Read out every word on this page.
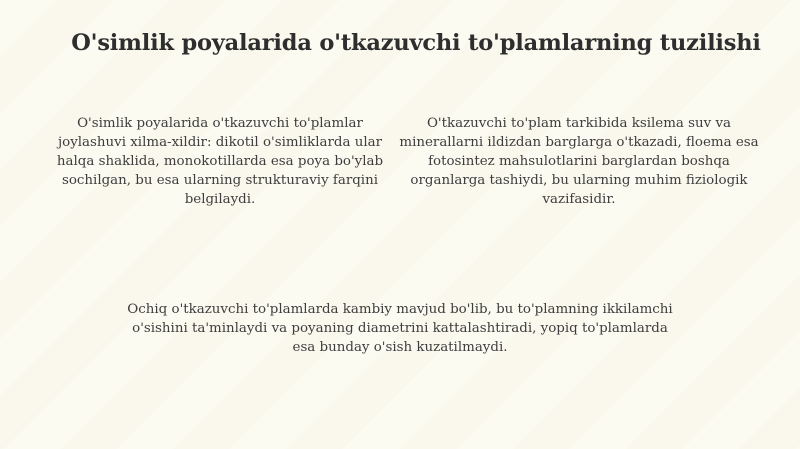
O'simlik poyalarida o'tkazuvchi to'plamlarning tuzilishi
O'simlik poyalarida o'tkazuvchi to'plamlar joylashuvi xilma-xildir: dikotil o'simliklarda ular halqa shaklida, monokotillarda esa poya bo'ylab sochilgan, bu esa ularning strukturaviy farqini belgilaydi.
O'tkazuvchi to'plam tarkibida ksilema suv va minerallarni ildizdan barglarga o'tkazadi, floema esa fotosintez mahsulotlarini barglardan boshqa organlarga tashiydi, bu ularning muhim fiziologik vazifasidir.
Ochiq o'tkazuvchi to'plamlarda kambiy mavjud bo'lib, bu to'plamning ikkilamchi o'sishini ta'minlaydi va poyaning diametrini kattalashtiradi, yopiq to'plamlarda esa bunday o'sish kuzatilmaydi.
